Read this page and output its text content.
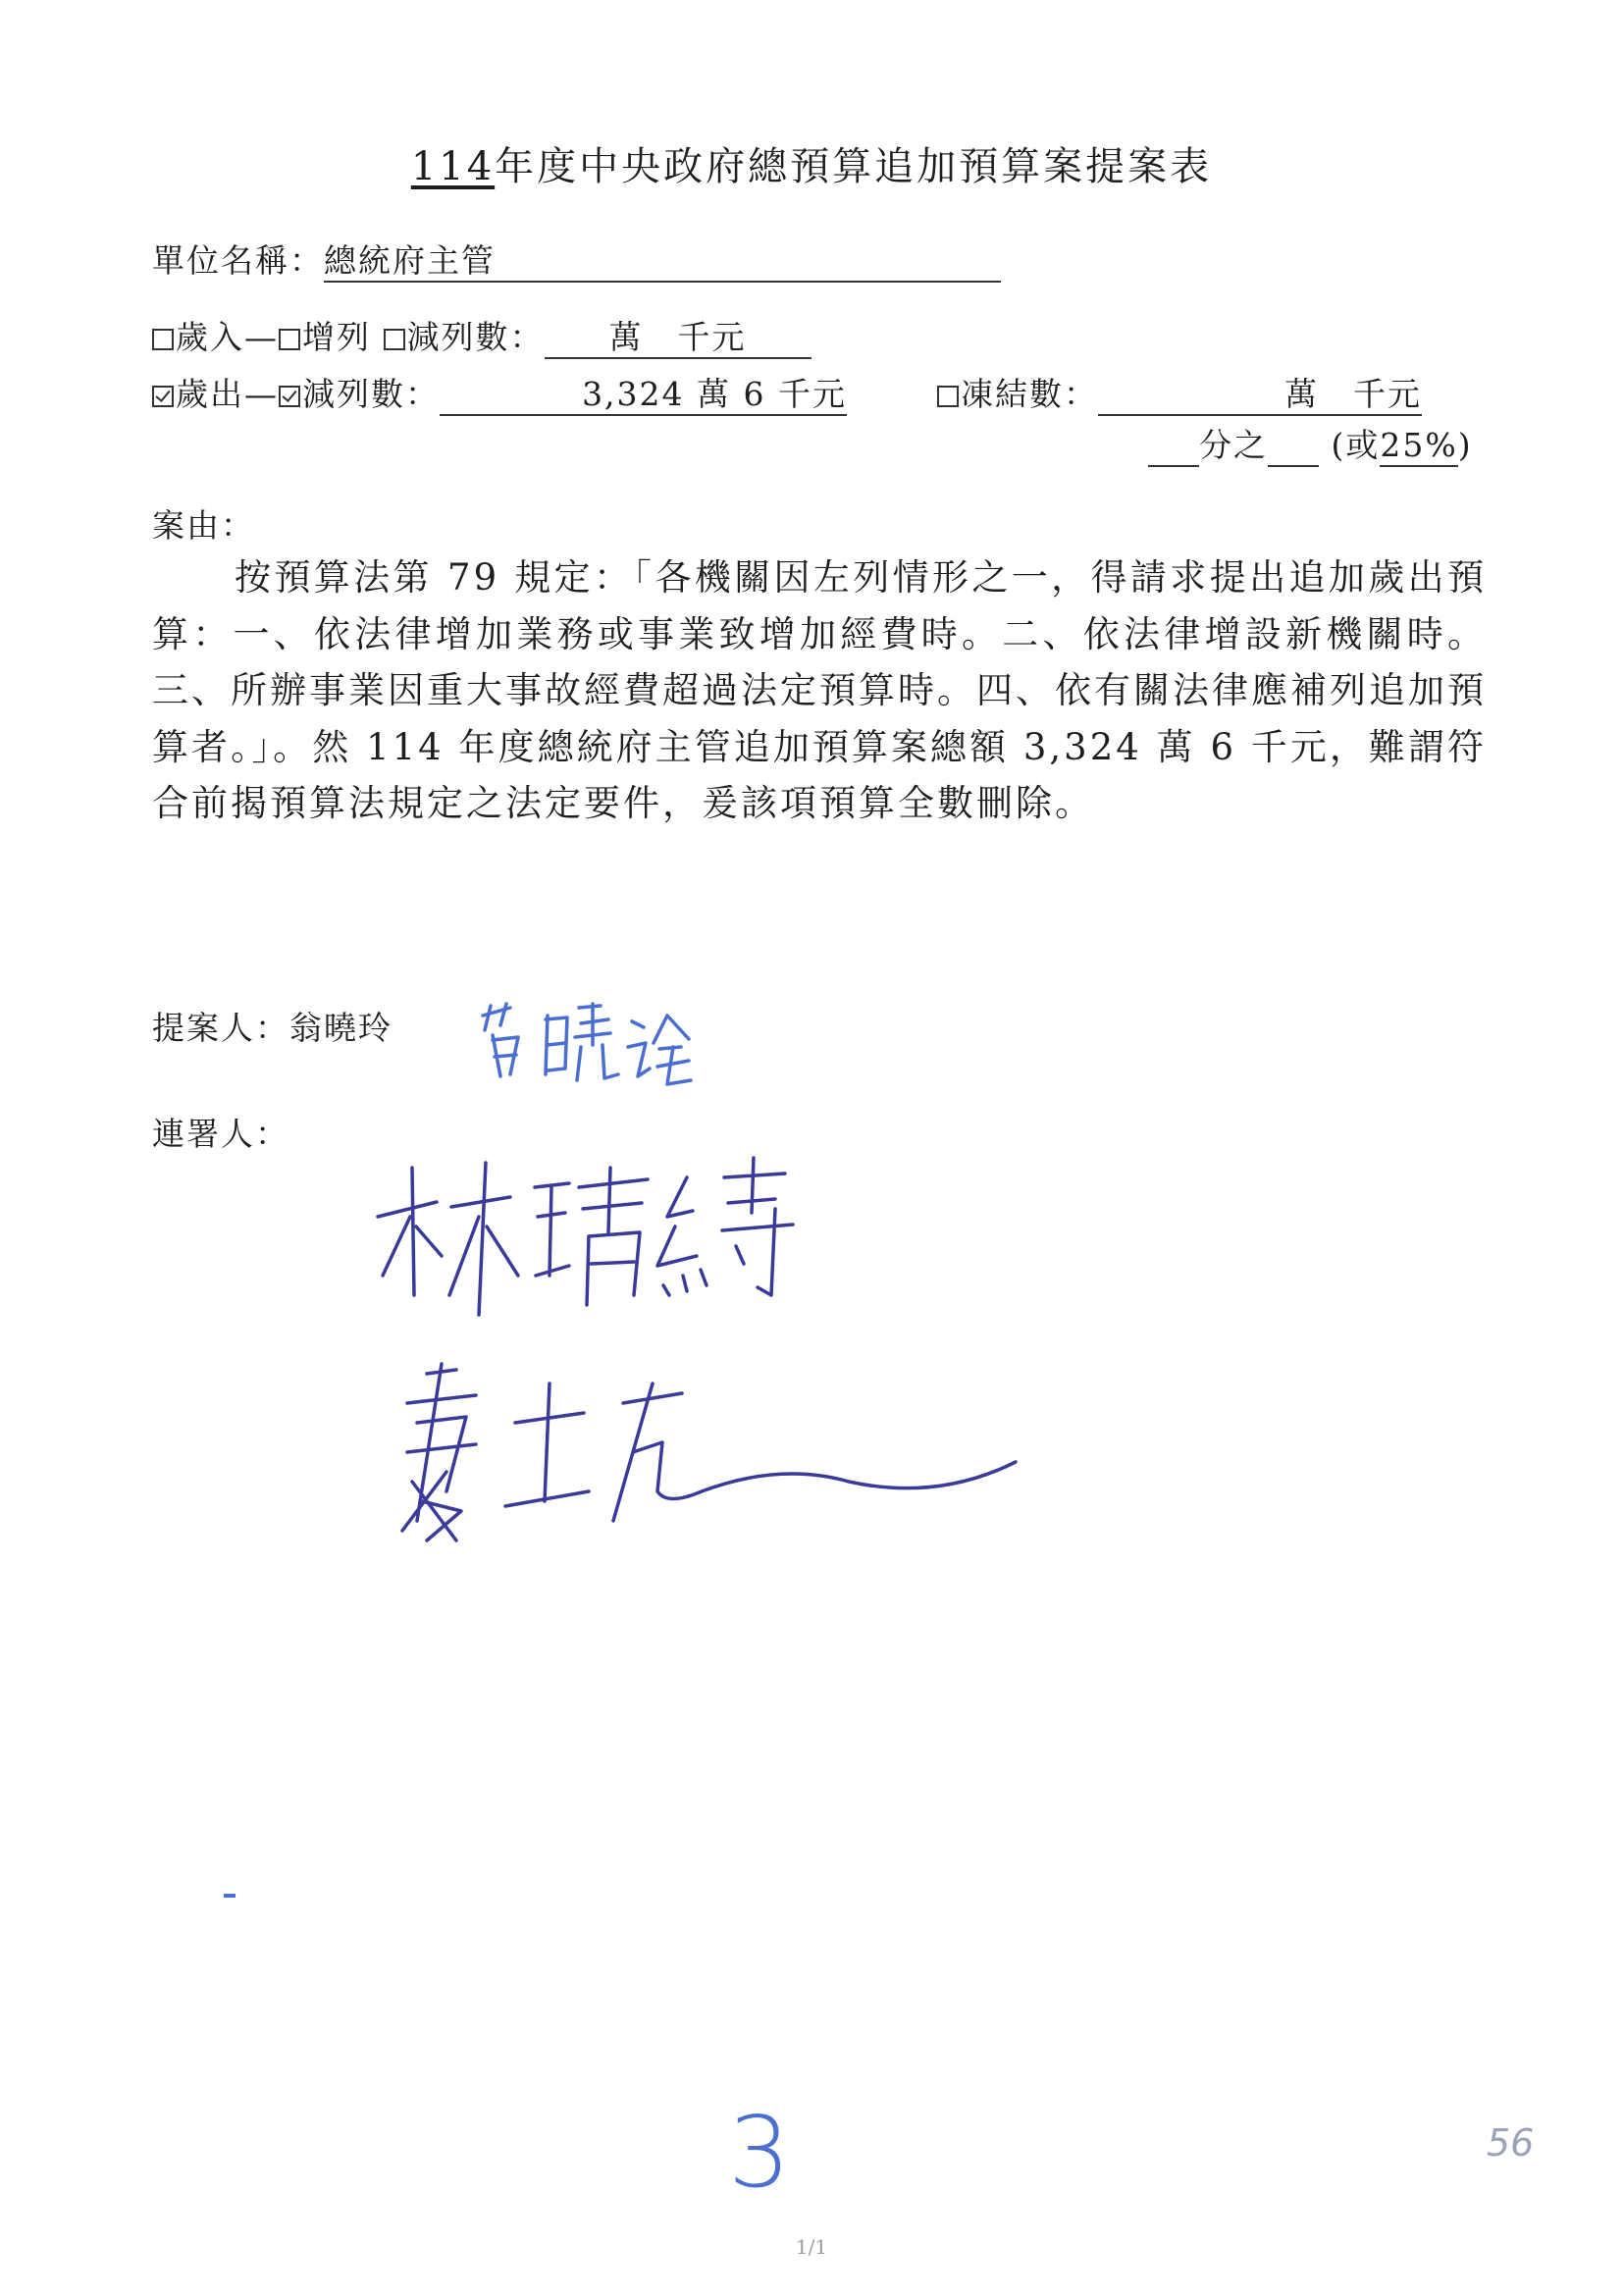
114年度中央政府總預算追加預算案提案表
單位名稱：總統府主管
歲入— 增列 減列數： 萬　千元
歲出— 減列數：	3,324 萬 6 千元	凍結數：	萬　千元
分之 (或25%)
案由：
按預算法第 79 規定：「各機關因左列情形之一，得請求提出追加歲出預算：一、依法律增加業務或事業致增加經費時。二、依法律增設新機關時。三、所辦事業因重大事故經費超過法定預算時。四、依有關法律應補列追加預算者。」。然 114 年度總統府主管追加預算案總額 3,324 萬 6 千元，難謂符合前揭預算法規定之法定要件，爰該項預算全數刪除。
提案人：翁曉玲
連署人：
3	56
1/1
